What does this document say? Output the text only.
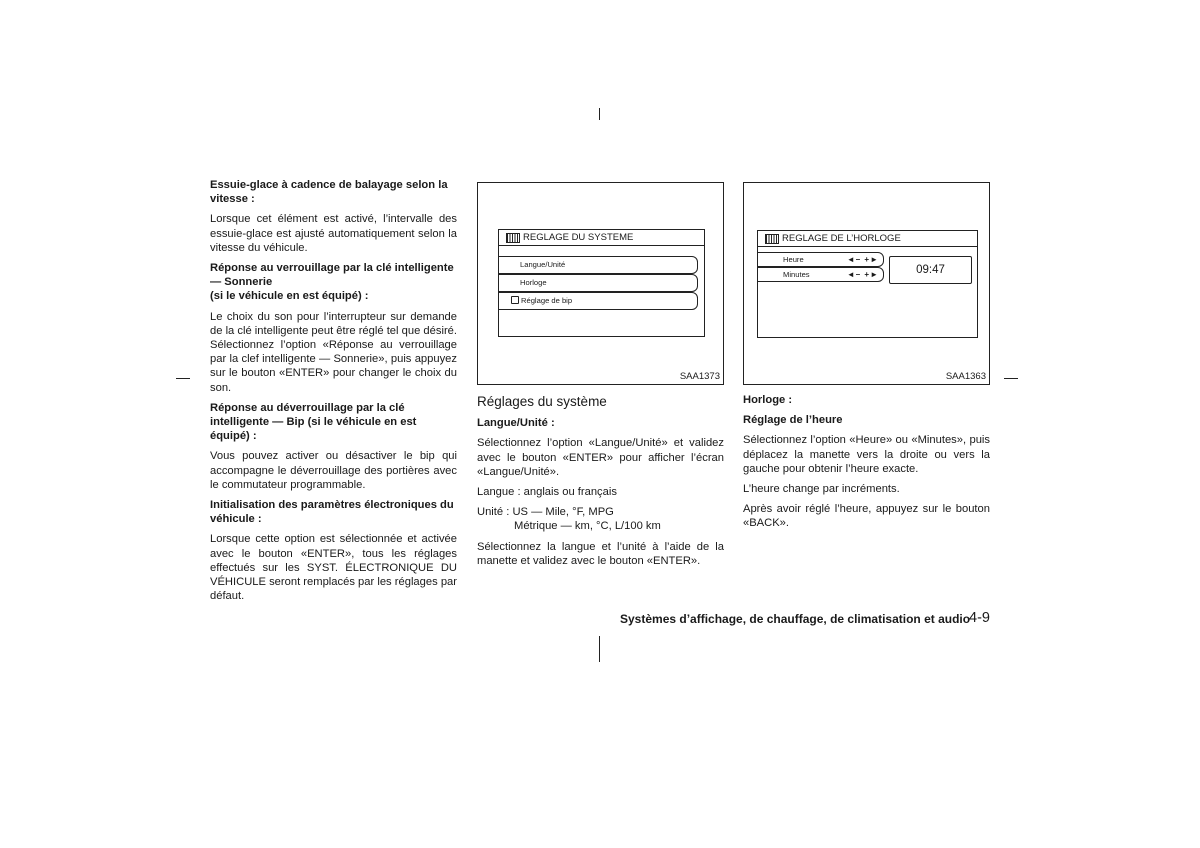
Essuie-glace à cadence de balayage selon la vitesse :

Lorsque cet élément est activé, l’intervalle des essuie-glace est ajusté automatiquement selon la vitesse du véhicule.

Réponse au verrouillage par la clé intelligente — Sonnerie
(si le véhicule en est équipé) :

Le choix du son pour l’interrupteur sur demande de la clé intelligente peut être réglé tel que désiré. Sélectionnez l’option «Réponse au verrouillage par la clef intelligente — Sonnerie», puis appuyez sur le bouton «ENTER» pour changer le choix du son.

Réponse au déverrouillage par la clé intelligente — Bip (si le véhicule en est équipé) :

Vous pouvez activer ou désactiver le bip qui accompagne le déverrouillage des portières avec le commutateur programmable.

Initialisation des paramètres électroniques du véhicule :

Lorsque cette option est sélectionnée et activée avec le bouton «ENTER», tous les réglages effectués sur les SYST. ÉLECTRONIQUE DU VÉHICULE seront remplacés par les réglages par défaut.

REGLAGE DU SYSTEME
Langue/Unité
Horloge
Réglage de bip
SAA1373
Réglages du système
Langue/Unité :

Sélectionnez l’option «Langue/Unité» et validez avec le bouton «ENTER» pour afficher l’écran «Langue/Unité».

Langue : anglais ou français

Unité : US — Mile, °F, MPG

Métrique — km, °C, L/100 km

Sélectionnez la langue et l’unité à l’aide de la manette et validez avec le bouton «ENTER».

REGLAGE DE L’HORLOGE
Heure	◄– +►
Minutes	◄– +►	09:47
SAA1363
Horloge :
Réglage de l’heure

Sélectionnez l’option «Heure» ou «Minutes», puis déplacez la manette vers la droite ou vers la gauche pour obtenir l’heure exacte.

L’heure change par incréments.

Après avoir réglé l’heure, appuyez sur le bouton «BACK».

Systèmes d’affichage, de chauffage, de climatisation et audio
4-9
